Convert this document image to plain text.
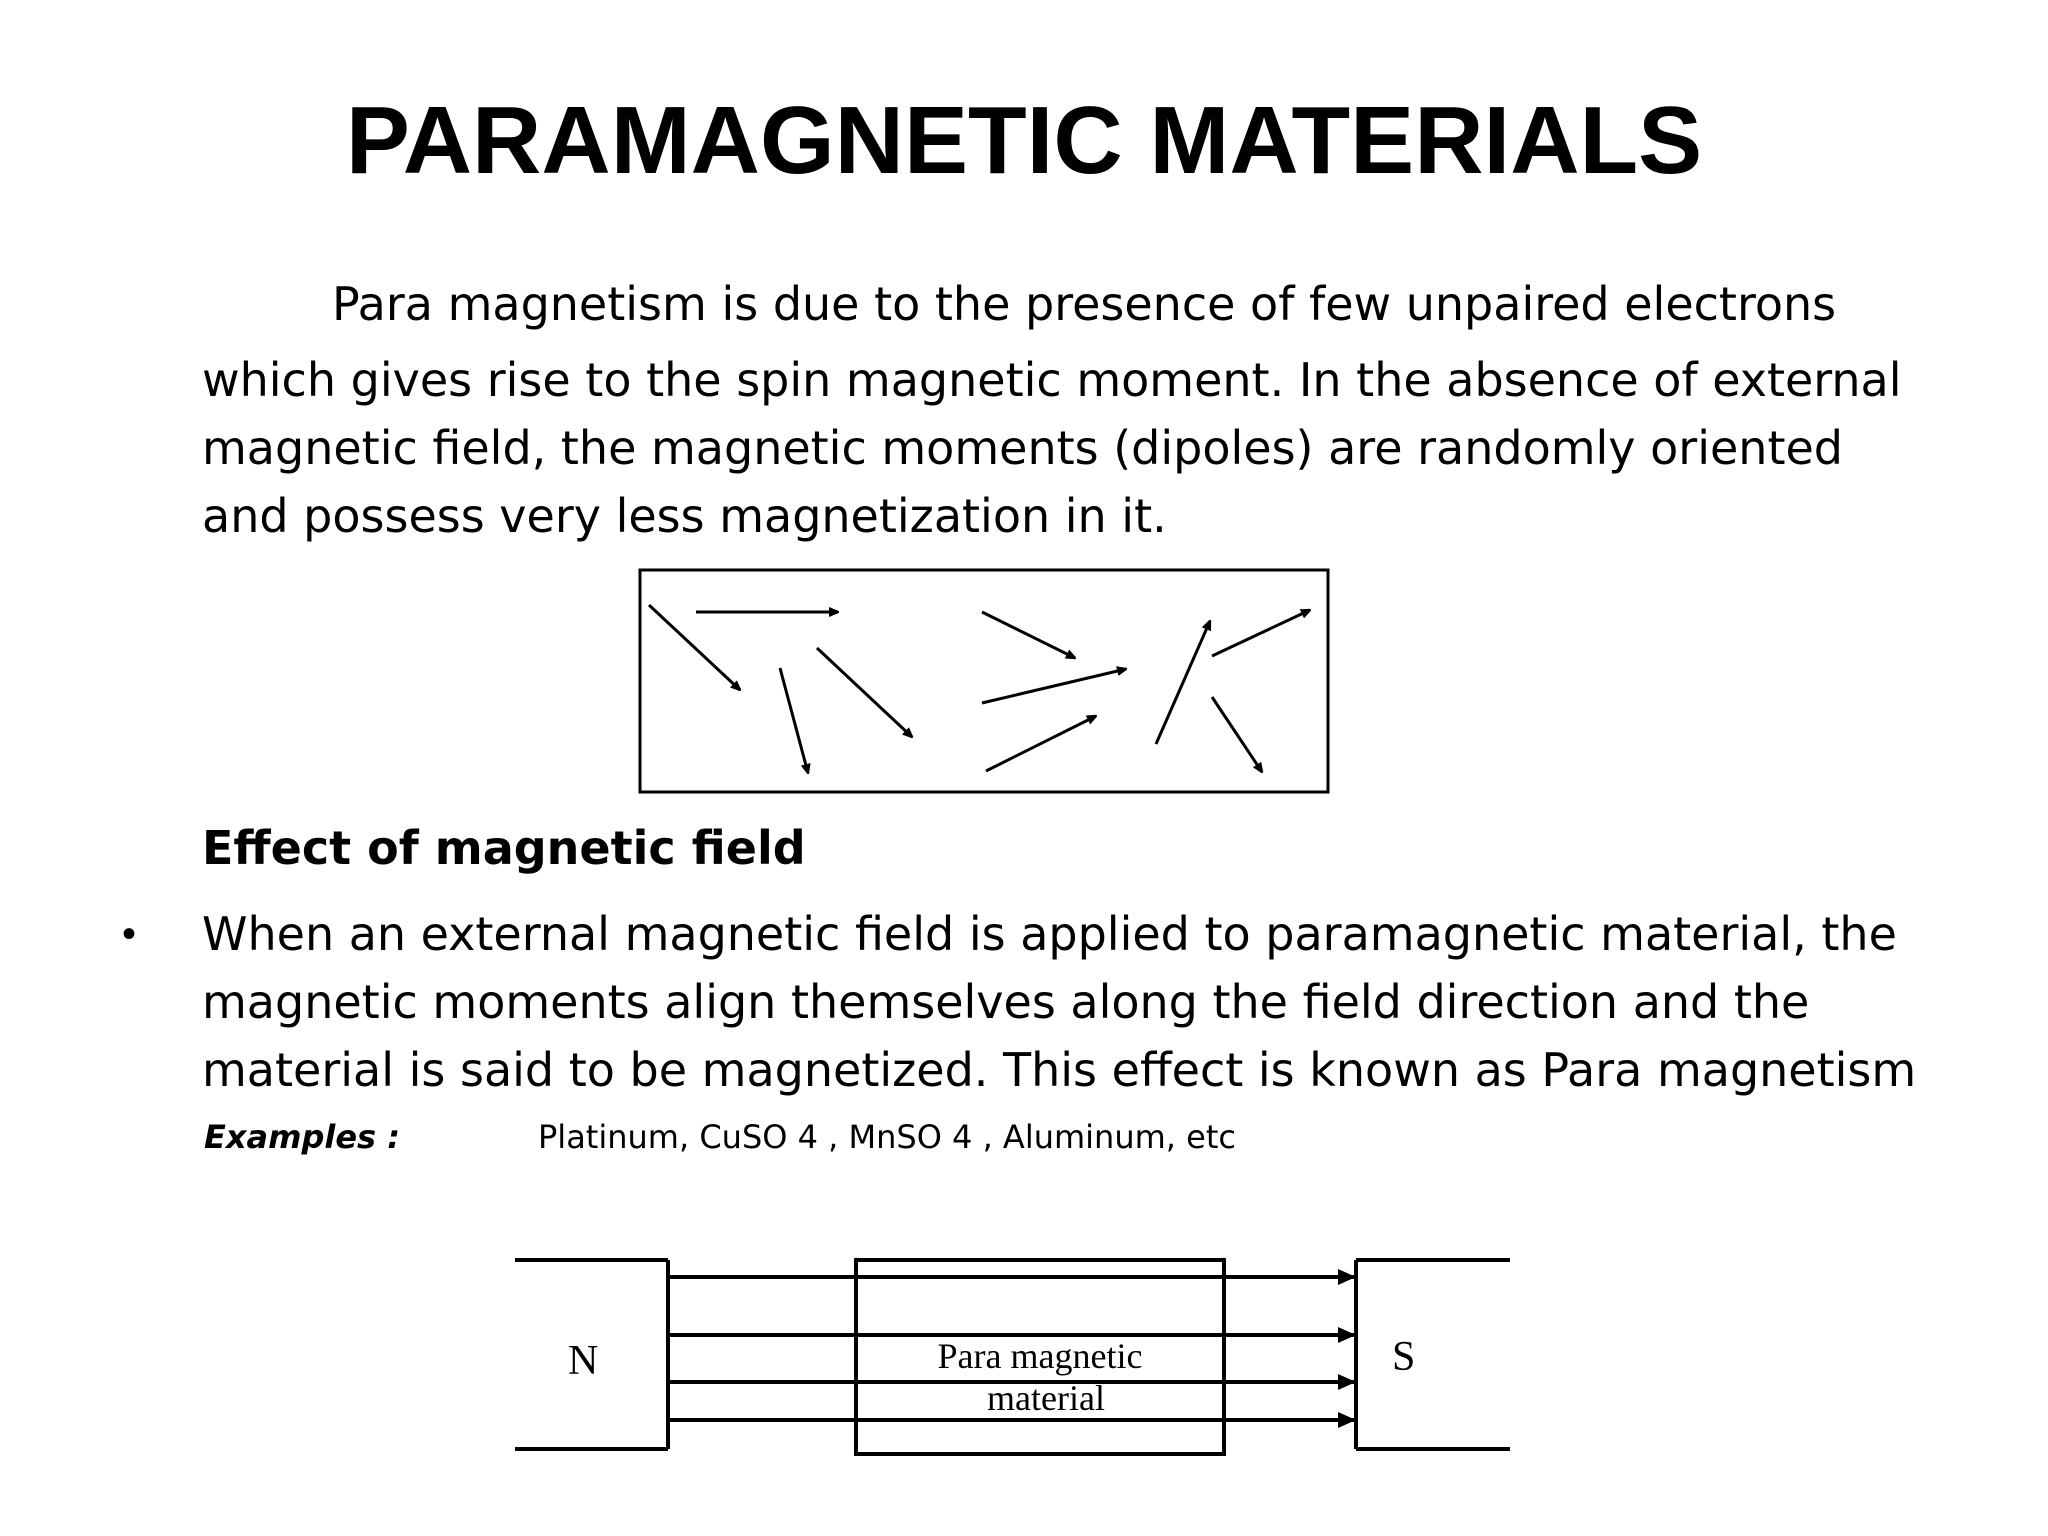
PARAMAGNETIC MATERIALS
Para magnetism is due to the presence of few unpaired electrons
which gives rise to the spin magnetic moment. In the absence of external
magnetic field, the magnetic moments (dipoles) are randomly oriented
and possess very less magnetization in it.
Effect of magnetic field
• When an external magnetic field is applied to paramagnetic material, the
magnetic moments align themselves along the field direction and the
material is said to be magnetized. This effect is known as Para magnetism
Examples :	Platinum, CuSO 4 , MnSO 4 , Aluminum, etc
N	S
Para magnetic
material
